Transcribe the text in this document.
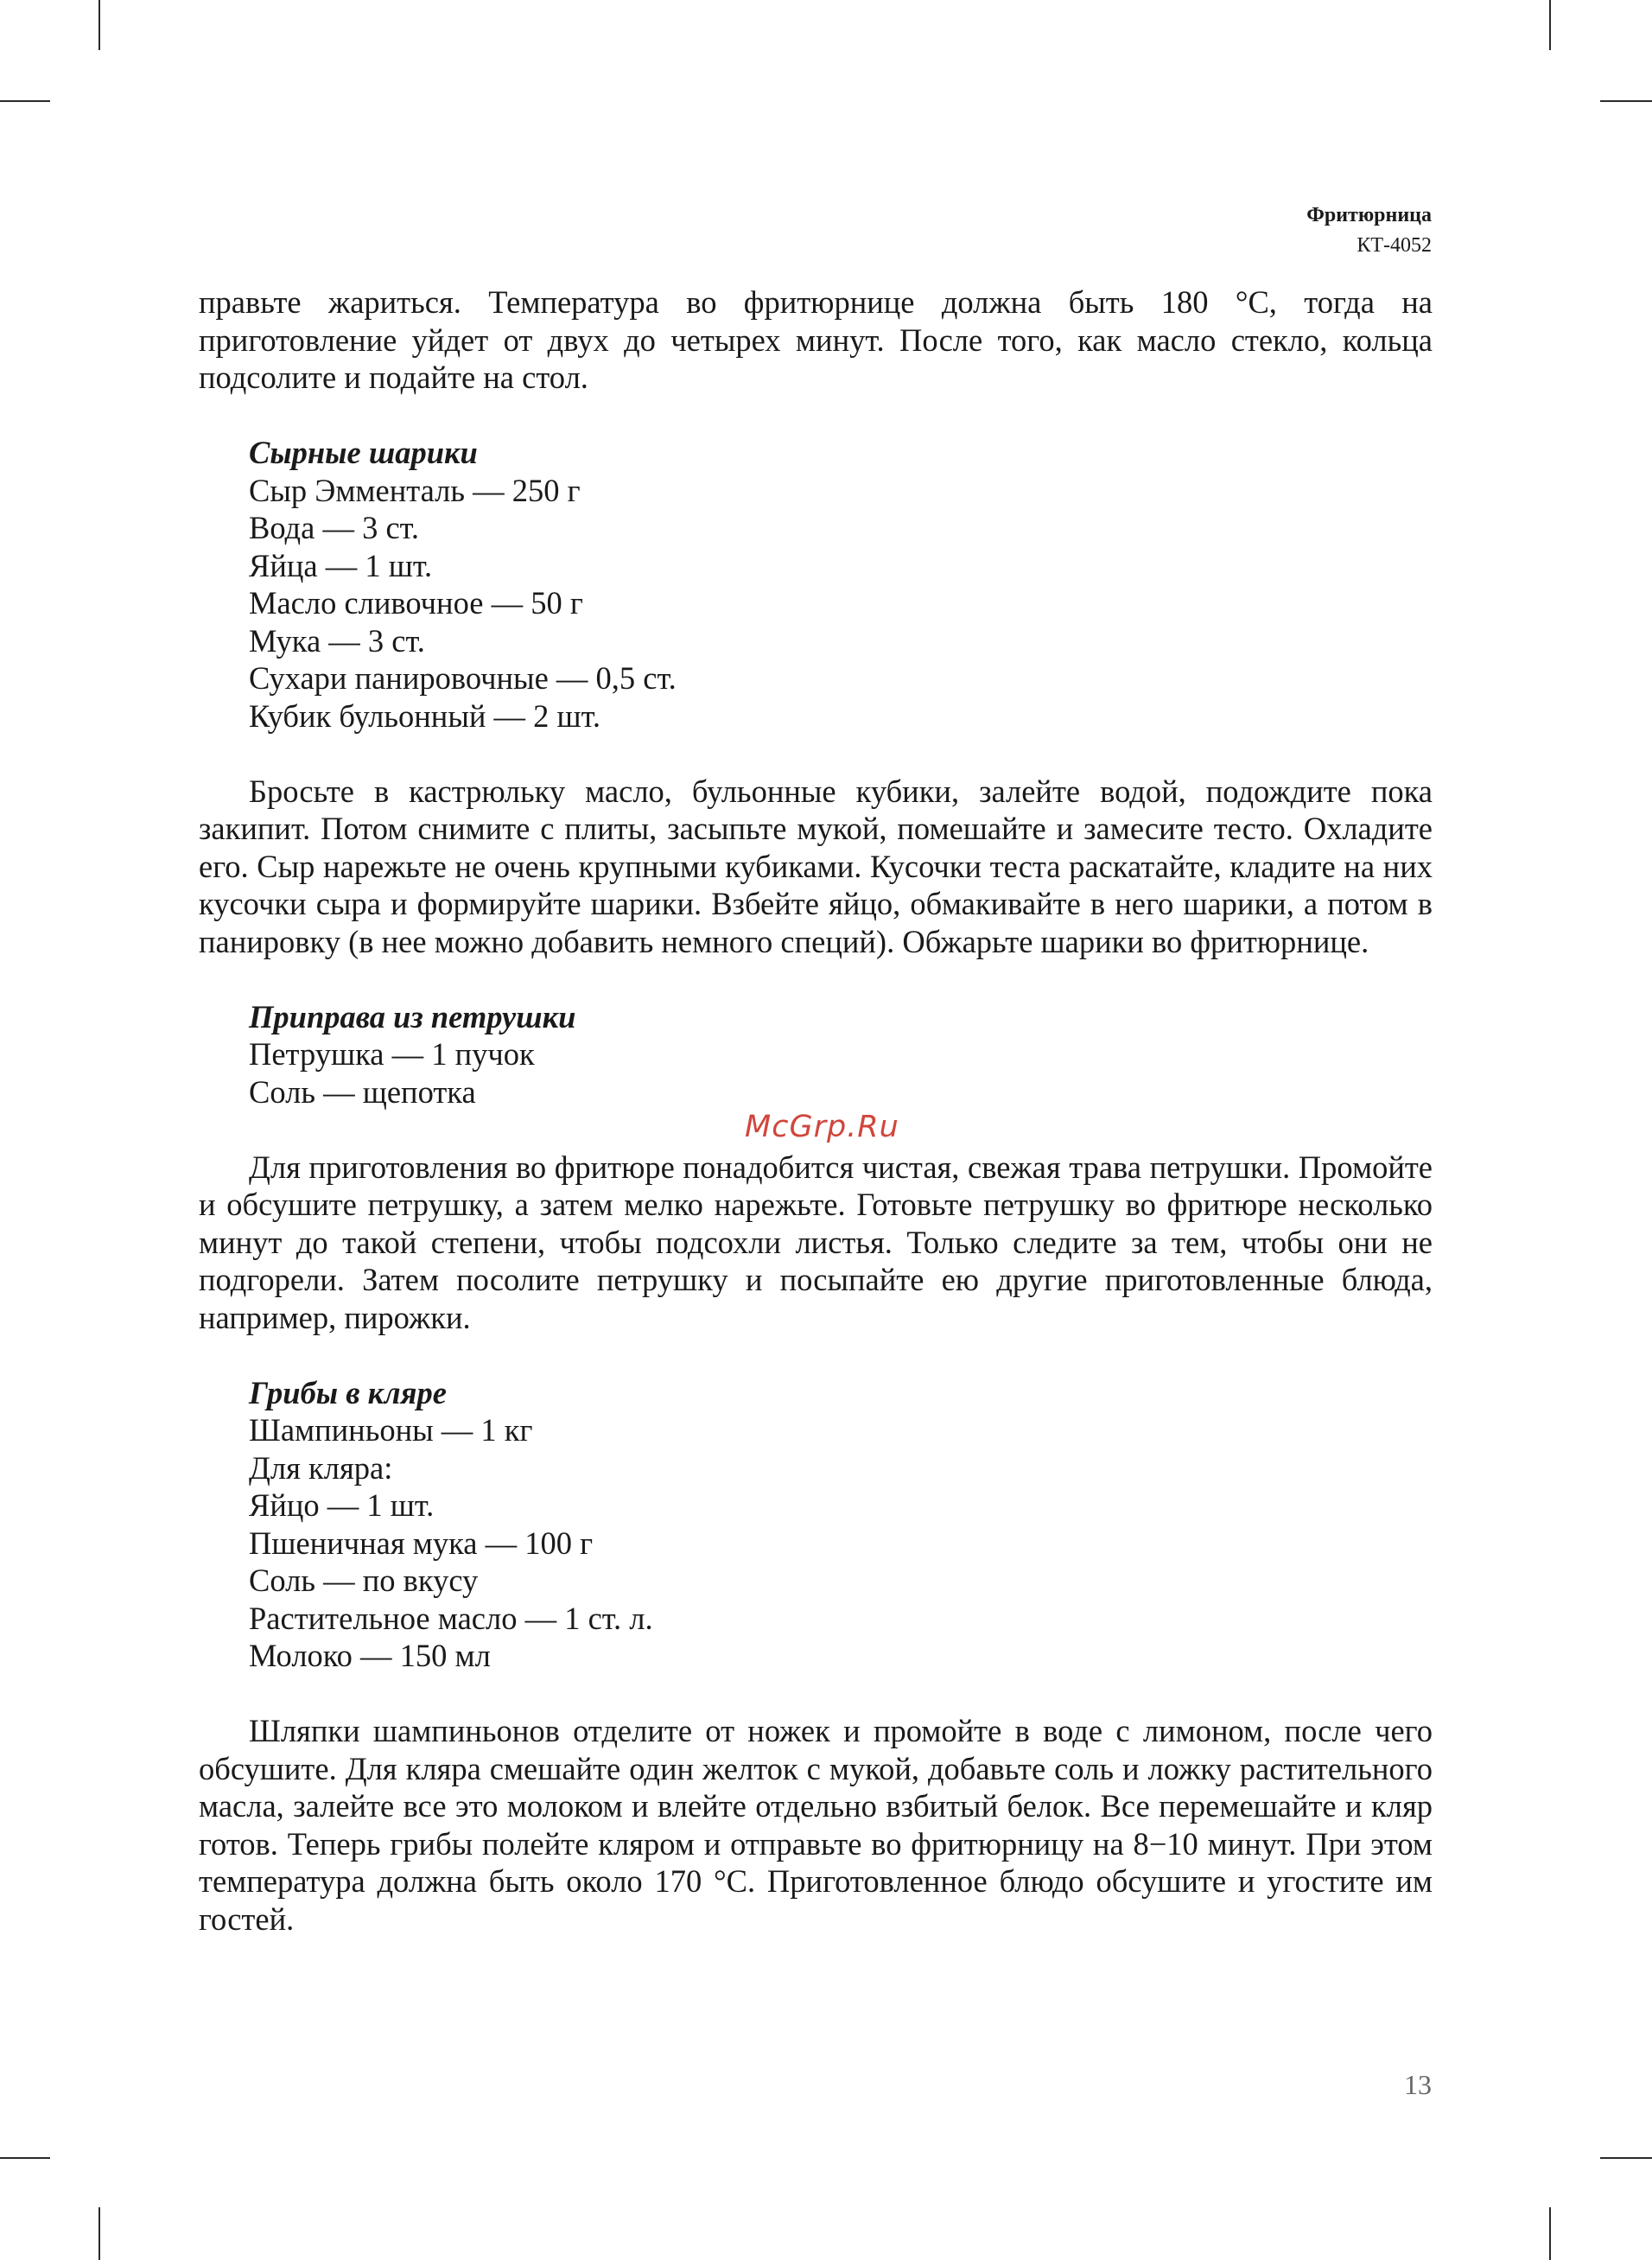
Фритюрница
КТ-4052

правьте жариться. Температура во фритюрнице должна быть 180 °С, тогда на приготовление уйдет от двух до четырех минут. После того, как масло стекло, кольца подсолите и подайте на стол.

Сырные шарики
Сыр Эмменталь — 250 г
Вода — 3 ст.
Яйца — 1 шт.
Масло сливочное — 50 г
Мука — 3 ст.
Сухари панировочные — 0,5 ст.
Кубик бульонный — 2 шт.

Бросьте в кастрюльку масло, бульонные кубики, залейте водой, подождите пока закипит. Потом снимите с плиты, засыпьте мукой, помешайте и замесите тесто. Охладите его. Сыр нарежьте не очень крупными кубиками. Кусочки теста раскатайте, кладите на них кусочки сыра и формируйте шарики. Взбейте яйцо, обмакивайте в него шарики, а потом в панировку (в нее можно добавить немного специй). Обжарьте шарики во фритюрнице.

Приправа из петрушки
Петрушка — 1 пучок
Соль — щепотка

Для приготовления во фритюре понадобится чистая, свежая трава петрушки. Промойте и обсушите петрушку, а затем мелко нарежьте. Готовьте петрушку во фритюре несколько минут до такой степени, чтобы подсохли листья. Только следите за тем, чтобы они не подгорели. Затем посолите петрушку и посыпайте ею другие приготовленные блюда, например, пирожки.

Грибы в кляре
Шампиньоны — 1 кг
Для кляра:
Яйцо — 1 шт.
Пшеничная мука — 100 г
Соль — по вкусу
Растительное масло — 1 ст. л.
Молоко — 150 мл

Шляпки шампиньонов отделите от ножек и промойте в воде с лимоном, после чего обсушите. Для кляра смешайте один желток с мукой, добавьте соль и ложку растительного масла, залейте все это молоком и влейте отдельно взбитый белок. Все перемешайте и кляр готов. Теперь грибы полейте кляром и отправьте во фритюрницу на 8−10 минут. При этом температура должна быть около 170 °С. Приготовленное блюдо обсушите и угостите им гостей.

McGrp.Ru
13
